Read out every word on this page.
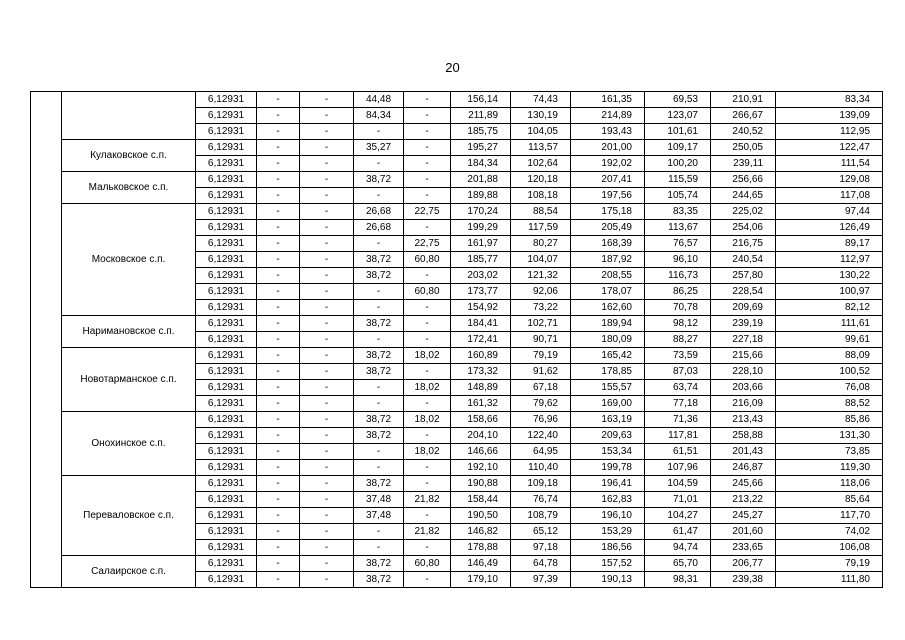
20
		6,12931	-	-	44,48	-	156,14	74,43	161,35	69,53	210,91	83,34
		6,12931	-	-	84,34	-	211,89	130,19	214,89	123,07	266,67	139,09
		6,12931	-	-	-	-	185,75	104,05	193,43	101,61	240,52	112,95
	Кулаковское с.п.	6,12931	-	-	35,27	-	195,27	113,57	201,00	109,17	250,05	122,47
		6,12931	-	-	-	-	184,34	102,64	192,02	100,20	239,11	111,54
	Мальковское с.п.	6,12931	-	-	38,72	-	201,88	120,18	207,41	115,59	256,66	129,08
		6,12931	-	-	-	-	189,88	108,18	197,56	105,74	244,65	117,08
	Московское с.п.	6,12931	-	-	26,68	22,75	170,24	88,54	175,18	83,35	225,02	97,44
		6,12931	-	-	26,68	-	199,29	117,59	205,49	113,67	254,06	126,49
		6,12931	-	-	-	22,75	161,97	80,27	168,39	76,57	216,75	89,17
		6,12931	-	-	38,72	60,80	185,77	104,07	187,92	96,10	240,54	112,97
		6,12931	-	-	38,72	-	203,02	121,32	208,55	116,73	257,80	130,22
		6,12931	-	-	-	60,80	173,77	92,06	178,07	86,25	228,54	100,97
		6,12931	-	-	-	-	154,92	73,22	162,60	70,78	209,69	82,12
	Наримановское с.п.	6,12931	-	-	38,72	-	184,41	102,71	189,94	98,12	239,19	111,61
		6,12931	-	-	-	-	172,41	90,71	180,09	88,27	227,18	99,61
	Новотарманское с.п.	6,12931	-	-	38,72	18,02	160,89	79,19	165,42	73,59	215,66	88,09
		6,12931	-	-	38,72	-	173,32	91,62	178,85	87,03	228,10	100,52
		6,12931	-	-	-	18,02	148,89	67,18	155,57	63,74	203,66	76,08
		6,12931	-	-	-	-	161,32	79,62	169,00	77,18	216,09	88,52
	Онохинское с.п.	6,12931	-	-	38,72	18,02	158,66	76,96	163,19	71,36	213,43	85,86
		6,12931	-	-	38,72	-	204,10	122,40	209,63	117,81	258,88	131,30
		6,12931	-	-	-	18,02	146,66	64,95	153,34	61,51	201,43	73,85
		6,12931	-	-	-	-	192,10	110,40	199,78	107,96	246,87	119,30
	Переваловское с.п.	6,12931	-	-	38,72	-	190,88	109,18	196,41	104,59	245,66	118,06
		6,12931	-	-	37,48	21,82	158,44	76,74	162,83	71,01	213,22	85,64
		6,12931	-	-	37,48	-	190,50	108,79	196,10	104,27	245,27	117,70
		6,12931	-	-	-	21,82	146,82	65,12	153,29	61,47	201,60	74,02
		6,12931	-	-	-	-	178,88	97,18	186,56	94,74	233,65	106,08
	Салаирское с.п.	6,12931	-	-	38,72	60,80	146,49	64,78	157,52	65,70	206,77	79,19
		6,12931	-	-	38,72	-	179,10	97,39	190,13	98,31	239,38	111,80
